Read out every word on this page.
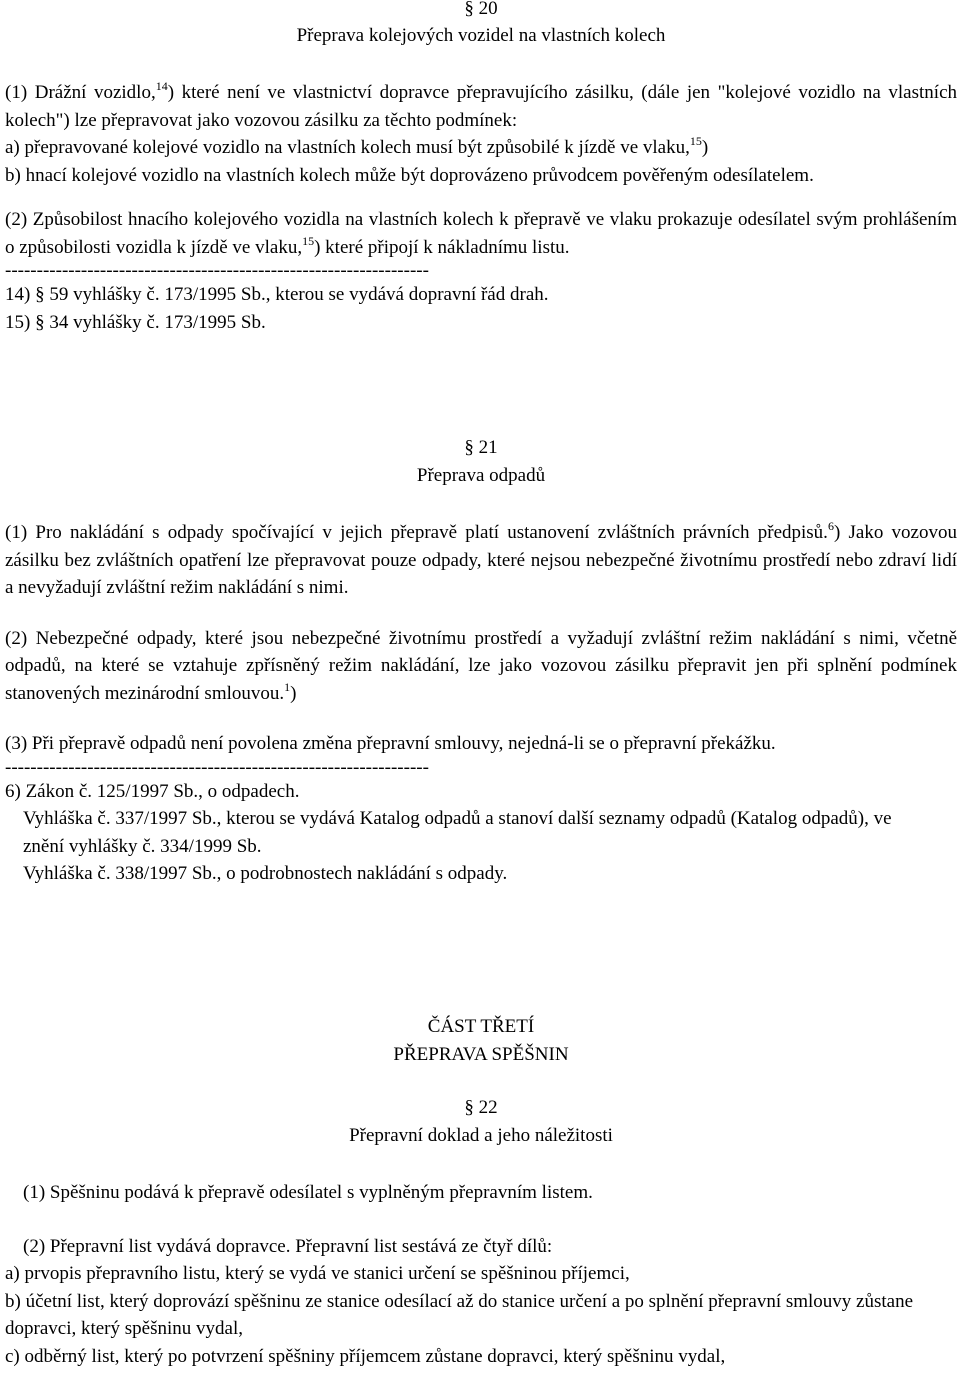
§ 20

Přeprava kolejových vozidel na vlastních kolech

(1) Drážní vozidlo,$^{14}$) které není ve vlastnictví dopravce přepravujícího zásilku, (dále jen "kolejové vozidlo na vlastních kolech") lze přepravovat jako vozovou zásilku za těchto podmínek:

a) přepravované kolejové vozidlo na vlastních kolech musí být způsobilé k jízdě ve vlaku,$^{15}$)

b) hnací kolejové vozidlo na vlastních kolech může být doprovázeno průvodcem pověřeným odesílatelem.

(2) Způsobilost hnacího kolejového vozidla na vlastních kolech k přepravě ve vlaku prokazuje odesílatel svým prohlášením o způsobilosti vozidla k jízdě ve vlaku,$^{15}$) které připojí k nákladnímu listu.

-------------------------------------------------------------------

14) § 59 vyhlášky č. 173/1995 Sb., kterou se vydává dopravní řád drah.

15) § 34 vyhlášky č. 173/1995 Sb.

§ 21

Přeprava odpadů

(1) Pro nakládání s odpady spočívající v jejich přepravě platí ustanovení zvláštních právních předpisů.$^6$) Jako vozovou zásilku bez zvláštních opatření lze přepravovat pouze odpady, které nejsou nebezpečné životnímu prostředí nebo zdraví lidí a nevyžadují zvláštní režim nakládání s nimi.

(2) Nebezpečné odpady, které jsou nebezpečné životnímu prostředí a vyžadují zvláštní režim nakládání s nimi, včetně odpadů, na které se vztahuje zpřísněný režim nakládání, lze jako vozovou zásilku přepravit jen při splnění podmínek stanovených mezinárodní smlouvou.$^1$)

(3) Při přepravě odpadů není povolena změna přepravní smlouvy, nejedná-li se o přepravní překážku.

-------------------------------------------------------------------

6) Zákon č. 125/1997 Sb., o odpadech.

Vyhláška č. 337/1997 Sb., kterou se vydává Katalog odpadů a stanoví další seznamy odpadů (Katalog odpadů), ve znění vyhlášky č. 334/1999 Sb.

Vyhláška č. 338/1997 Sb., o podrobnostech nakládání s odpady.

ČÁST TŘETÍ

PŘEPRAVA SPĚŠNIN

§ 22

Přepravní doklad a jeho náležitosti

(1) Spěšninu podává k přepravě odesílatel s vyplněným přepravním listem.

(2) Přepravní list vydává dopravce. Přepravní list sestává ze čtyř dílů:

a) prvopis přepravního listu, který se vydá ve stanici určení se spěšninou příjemci,

b) účetní list, který doprovází spěšninu ze stanice odesílací až do stanice určení a po splnění přepravní smlouvy zůstane dopravci, který spěšninu vydal,

c) odběrný list, který po potvrzení spěšniny příjemcem zůstane dopravci, který spěšninu vydal,
